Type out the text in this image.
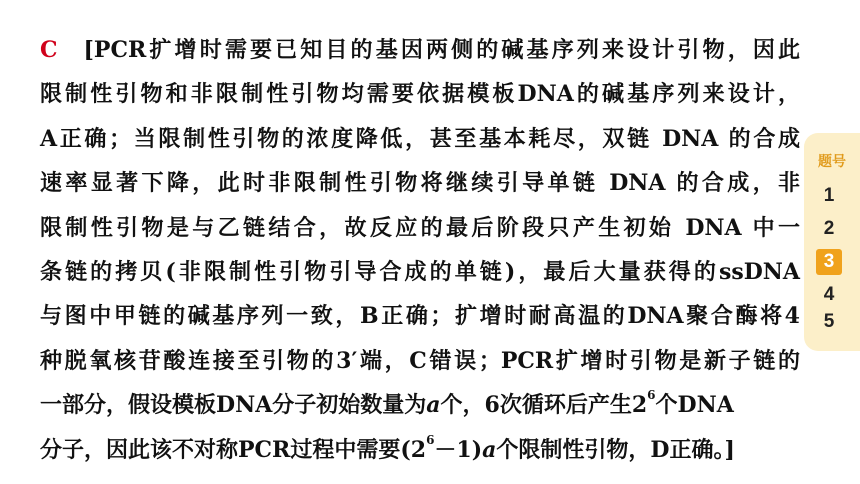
C [PCR扩增时需要已知目的基因两侧的碱基序列来设计引物，因此
限制性引物和非限制性引物均需要依据模板DNA的碱基序列来设计，
A正确；当限制性引物的浓度降低，甚至基本耗尽，双链 DNA 的合成
速率显著下降，此时非限制性引物将继续引导单链 DNA 的合成，非
限制性引物是与乙链结合，故反应的最后阶段只产生初始 DNA 中一
条链的拷贝(非限制性引物引导合成的单链)，最后大量获得的ssDNA
与图中甲链的碱基序列一致，B正确；扩增时耐高温的DNA聚合酶将4
种脱氧核苷酸连接至引物的3′端，C错误；PCR扩增时引物是新子链的
一部分，假设模板DNA分子初始数量为a个，6次循环后产生$2^6$个DNA
分子，因此该不对称PCR过程中需要$(2^6-1)a$个限制性引物，D正确。]
题号
1
2
3
4
5
